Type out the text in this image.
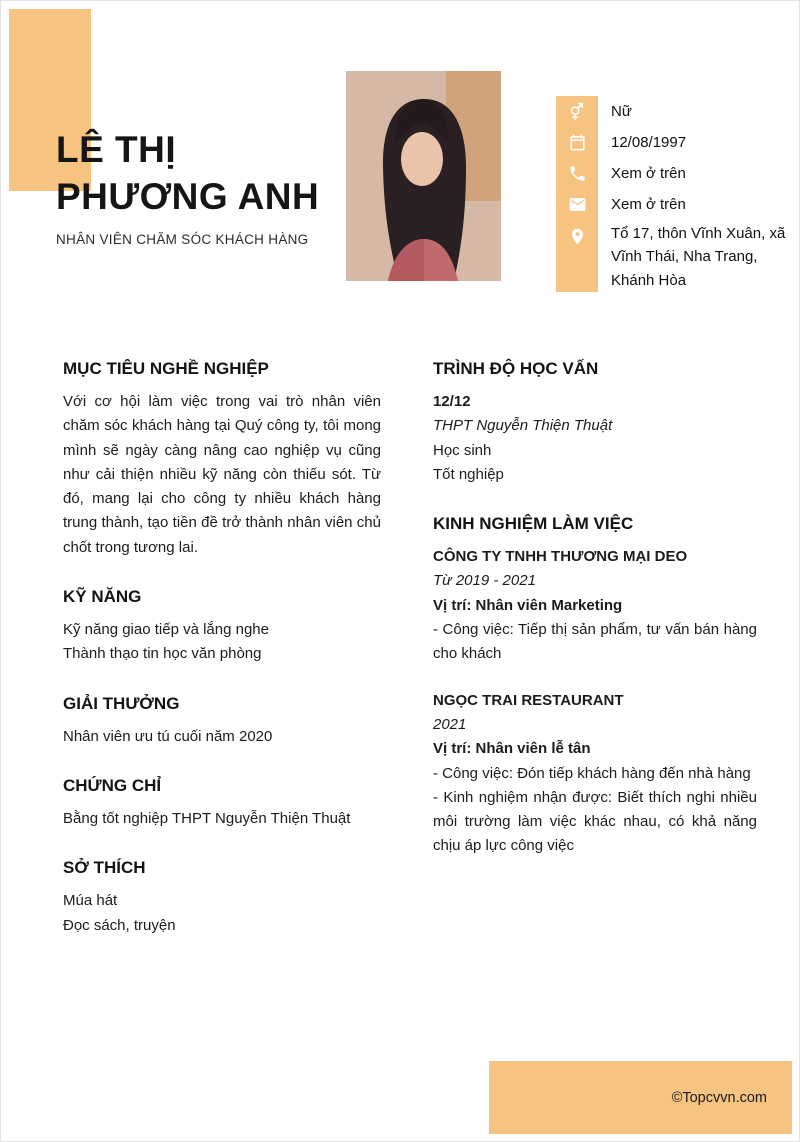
LÊ THỊ
PHƯƠNG ANH
NHÂN VIÊN CHĂM SÓC KHÁCH HÀNG
Nữ
12/08/1997
Xem ở trên
Xem ở trên
Tổ 17, thôn Vĩnh Xuân, xã Vĩnh Thái, Nha Trang, Khánh Hòa
MỤC TIÊU NGHỀ NGHIỆP

Với cơ hội làm việc trong vai trò nhân viên chăm sóc khách hàng tại Quý công ty, tôi mong mình sẽ ngày càng nâng cao nghiệp vụ cũng như cải thiện nhiều kỹ năng còn thiếu sót. Từ đó, mang lại cho công ty nhiều khách hàng trung thành, tạo tiền đề trở thành nhân viên chủ chốt trong tương lai.

KỸ NĂNG
Kỹ năng giao tiếp và lắng nghe
Thành thạo tin học văn phòng
GIẢI THƯỞNG
Nhân viên ưu tú cuối năm 2020
CHỨNG CHỈ
Bằng tốt nghiệp THPT Nguyễn Thiện Thuật
SỞ THÍCH
Múa hát
Đọc sách, truyện
TRÌNH ĐỘ HỌC VẤN
12/12
THPT Nguyễn Thiện Thuật
Học sinh
Tốt nghiệp
KINH NGHIỆM LÀM VIỆC
CÔNG TY TNHH THƯƠNG MẠI DEO
Từ 2019 - 2021
Vị trí: Nhân viên Marketing
- Công việc: Tiếp thị sản phẩm, tư vấn bán hàng cho khách
NGỌC TRAI RESTAURANT
2021
Vị trí: Nhân viên lễ tân
- Công việc: Đón tiếp khách hàng đến nhà hàng
- Kinh nghiệm nhận được: Biết thích nghi nhiều môi trường làm việc khác nhau, có khả năng chịu áp lực công việc
©Topcvvn.com
